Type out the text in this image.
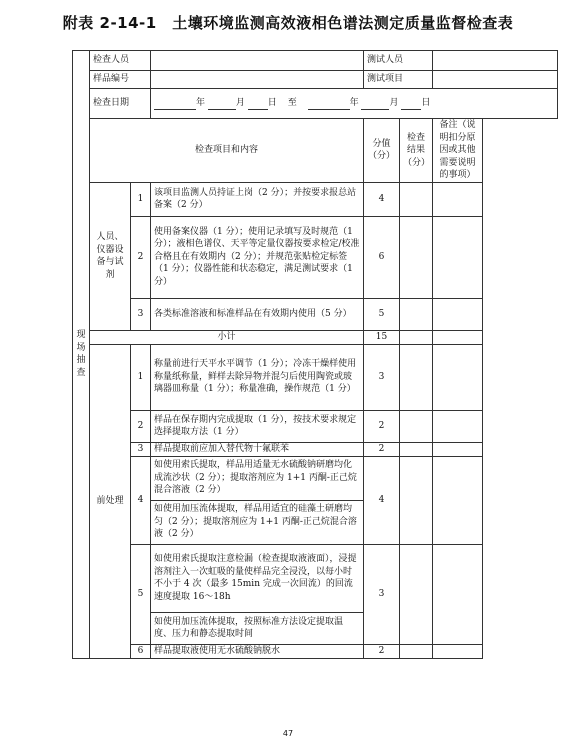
附表 2-14-1　土壤环境监测高效液相色谱法测定质量监督检查表
现场抽查	检查人员			测试人员		
	样品编号			测试项目		
	检查日期		年 月 日 至 年 月 日			
	检查项目和内容			分值（分）	检查结果（分）	备注（说明扣分原因或其他需要说明的事项）
	人员、仪器设备与试剂	1	该项目监测人员持证上岗（2 分）；并按要求报总站备案（2 分）	4		
		2	使用备案仪器（1 分）；使用记录填写及时规范（1 分）；液相色谱仪、天平等定量仪器按要求检定/校准合格且在有效期内（2 分）；并规范张贴检定标签（1 分）；仪器性能和状态稳定，满足测试要求（1 分）	6		
		3	各类标准溶液和标准样品在有效期内使用（5 分）	5		
	小计			15		
	前处理	1	称量前进行天平水平调节（1 分）；冷冻干燥样使用称量纸称量，鲜样去除异物并混匀后使用陶瓷或玻璃器皿称量（1 分）；称量准确，操作规范（1 分）	3		
		2	样品在保存期内完成提取（1 分），按技术要求规定选择提取方法（1 分）	2		
		3	样品提取前应加入替代物十氟联苯	2		
		4	如使用索氏提取，样品用适量无水硫酸钠研磨均化成流沙状（2 分）；提取溶剂应为 1+1 丙酮-正己烷混合溶液（2 分）	4		
			如使用加压流体提取，样品用适宜的硅藻土研磨均匀（2 分）；提取溶剂应为 1+1 丙酮-正己烷混合溶液（2 分）			
		5	如使用索氏提取注意检漏（检查提取液液面），浸提溶剂注入一次虹吸的量使样品完全浸没，以每小时不小于 4 次（最多 15min 完成一次回流）的回流速度提取 16～18h	3		
			如使用加压流体提取，按照标准方法设定提取温度、压力和静态提取时间			
		6	样品提取液使用无水硫酸钠脱水	2		
47
